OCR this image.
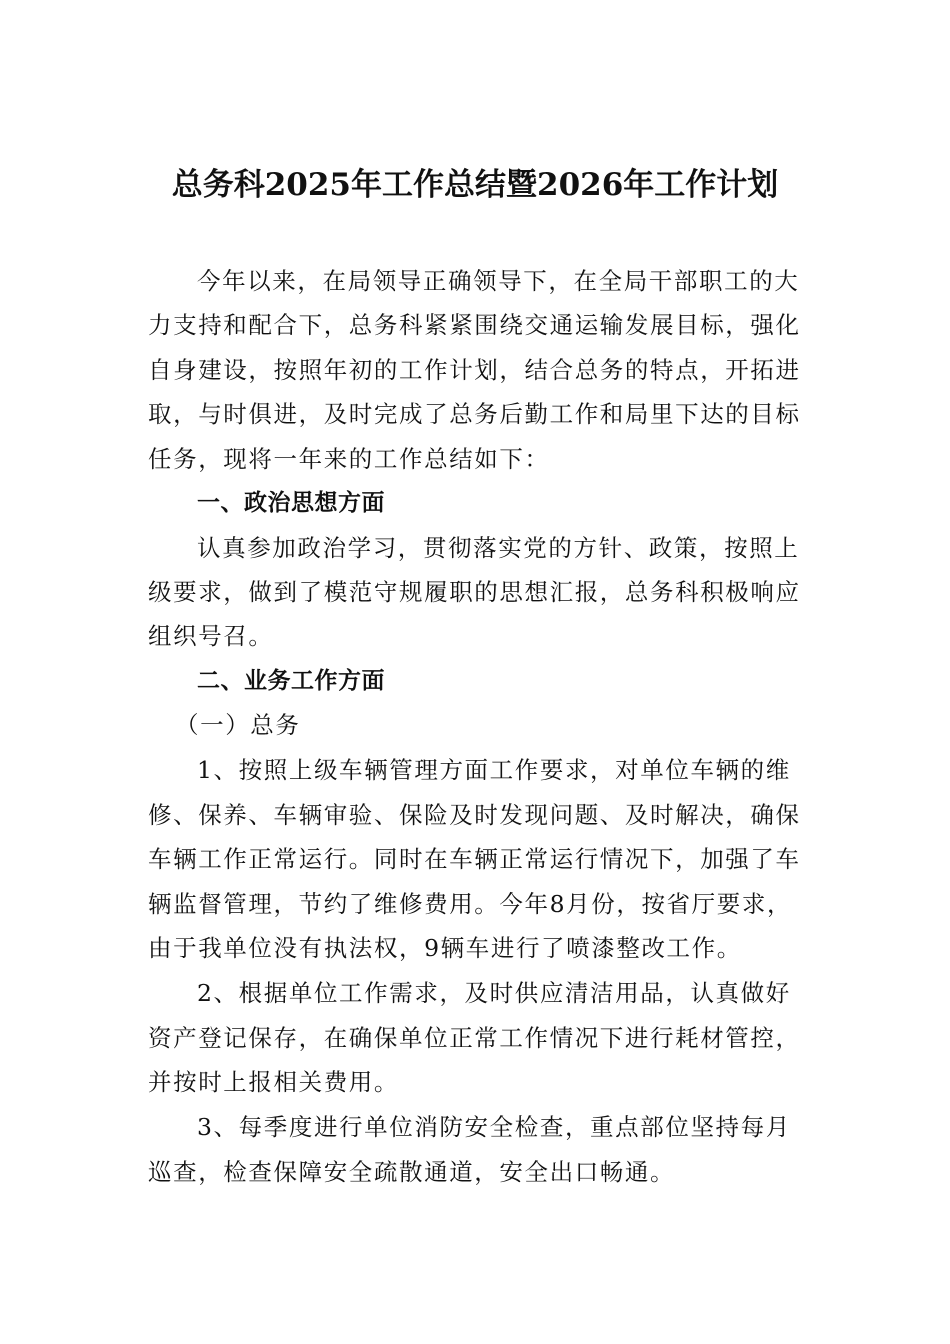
总务科2025年工作总结暨2026年工作计划
今年以来，在局领导正确领导下，在全局干部职工的大
力支持和配合下，总务科紧紧围绕交通运输发展目标，强化
自身建设，按照年初的工作计划，结合总务的特点，开拓进
取，与时俱进，及时完成了总务后勤工作和局里下达的目标
任务，现将一年来的工作总结如下：
一、政治思想方面
认真参加政治学习，贯彻落实党的方针、政策，按照上
级要求，做到了模范守规履职的思想汇报，总务科积极响应
组织号召。
二、业务工作方面
（一）总务
1、按照上级车辆管理方面工作要求，对单位车辆的维
修、保养、车辆审验、保险及时发现问题、及时解决，确保
车辆工作正常运行。同时在车辆正常运行情况下，加强了车
辆监督管理，节约了维修费用。今年8月份，按省厅要求，
由于我单位没有执法权，9辆车进行了喷漆整改工作。
2、根据单位工作需求，及时供应清洁用品，认真做好
资产登记保存，在确保单位正常工作情况下进行耗材管控，
并按时上报相关费用。
3、每季度进行单位消防安全检查，重点部位坚持每月
巡查，检查保障安全疏散通道，安全出口畅通。
